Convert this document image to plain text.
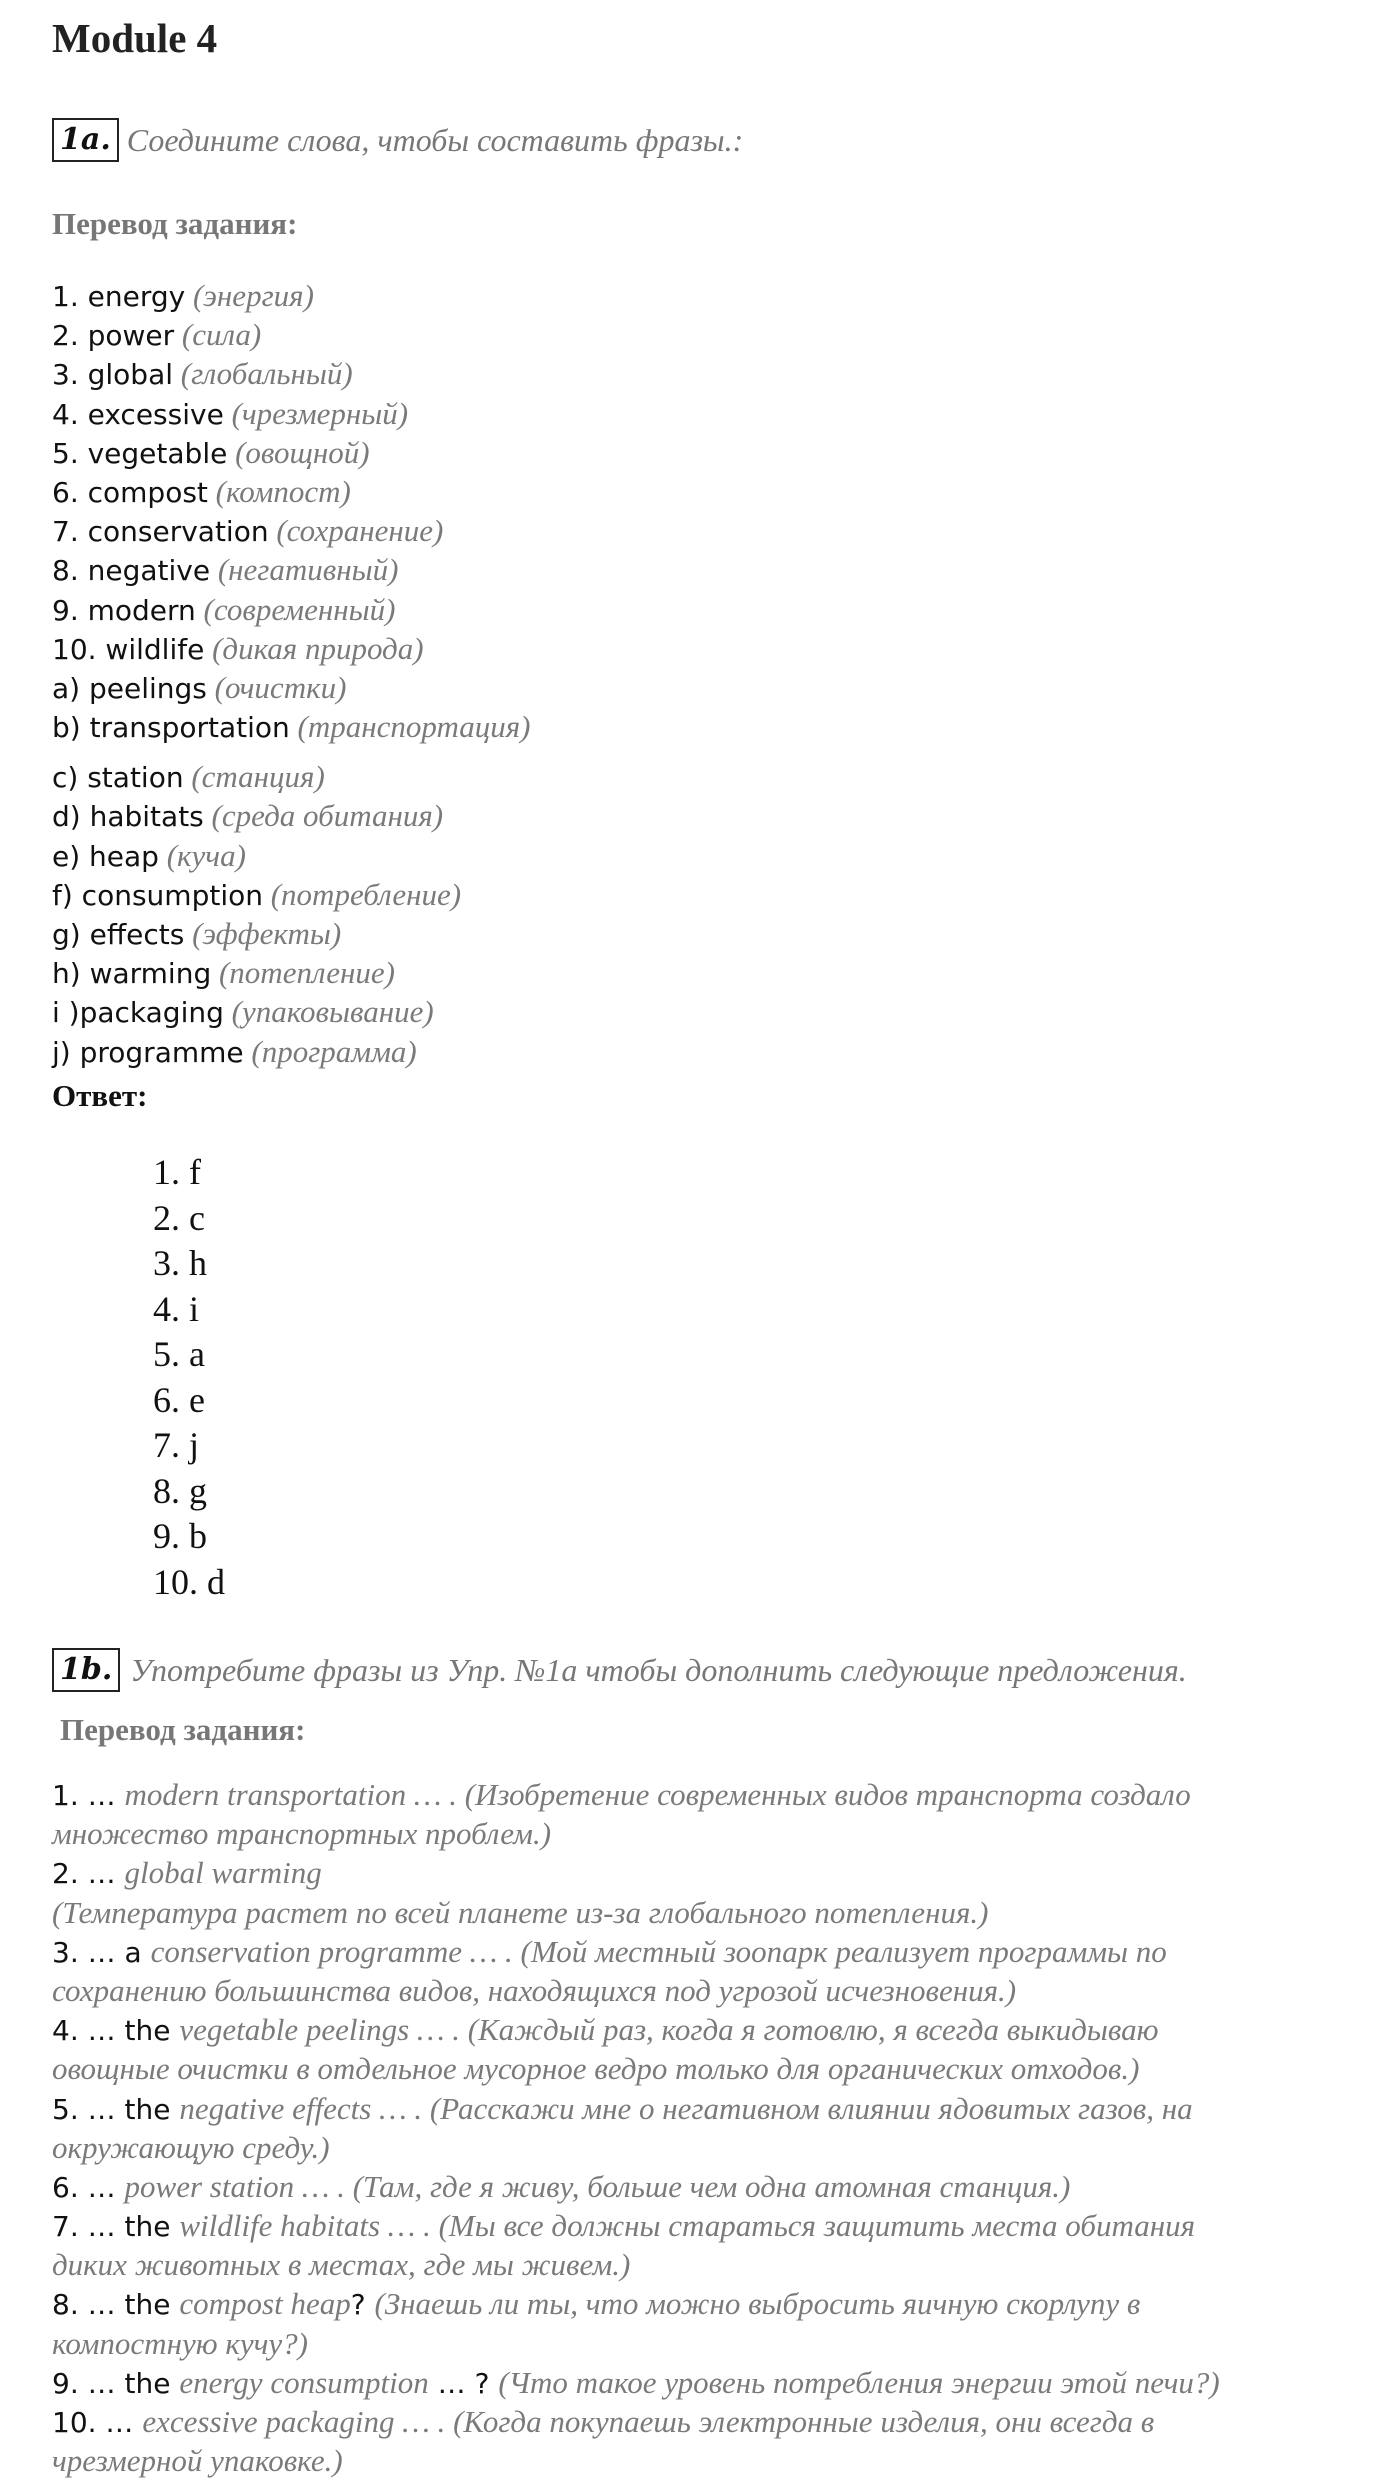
Module 4
1a. Соедините слова, чтобы составить фразы.:
Перевод задания:
1. energy (энергия)
2. power (сила)
3. global (глобальный)
4. excessive (чрезмерный)
5. vegetable (овощной)
6. compost (компост)
7. conservation (сохранение)
8. negative (негативный)
9. modern (современный)
10. wildlife (дикая природа)
a) peelings (очистки)
b) transportation (транспортация)
c) station (станция)
d) habitats (среда обитания)
e) heap (куча)
f) consumption (потребление)
g) effects (эффекты)
h) warming (потепление)
i )packaging (упаковывание)
j) programme (программа)
Ответ:
1. f
2. c
3. h
4. i
5. a
6. e
7. j
8. g
9. b
10. d
1b. Употребите фразы из Упр. №1a чтобы дополнить следующие предложения.
Перевод задания:
1. … modern transportation … . (Изобретение современных видов транспорта создало
множество транспортных проблем.)
2. … global warming
(Температура растет по всей планете из-за глобального потепления.)
3. … a conservation programme … . (Мой местный зоопарк реализует программы по
сохранению большинства видов, находящихся под угрозой исчезновения.)
4. … the vegetable peelings … . (Каждый раз, когда я готовлю, я всегда выкидываю
овощные очистки в отдельное мусорное ведро только для органических отходов.)
5. … the negative effects … . (Расскажи мне о негативном влиянии ядовитых газов, на
окружающую среду.)
6. … power station … . (Там, где я живу, больше чем одна атомная станция.)
7. … the wildlife habitats … . (Мы все должны стараться защитить места обитания
диких животных в местах, где мы живем.)
8. … the compost heap? (Знаешь ли ты, что можно выбросить яичную скорлупу в
компостную кучу?)
9. … the energy consumption … ? (Что такое уровень потребления энергии этой печи?)
10. … excessive packaging … . (Когда покупаешь электронные изделия, они всегда в
чрезмерной упаковке.)
